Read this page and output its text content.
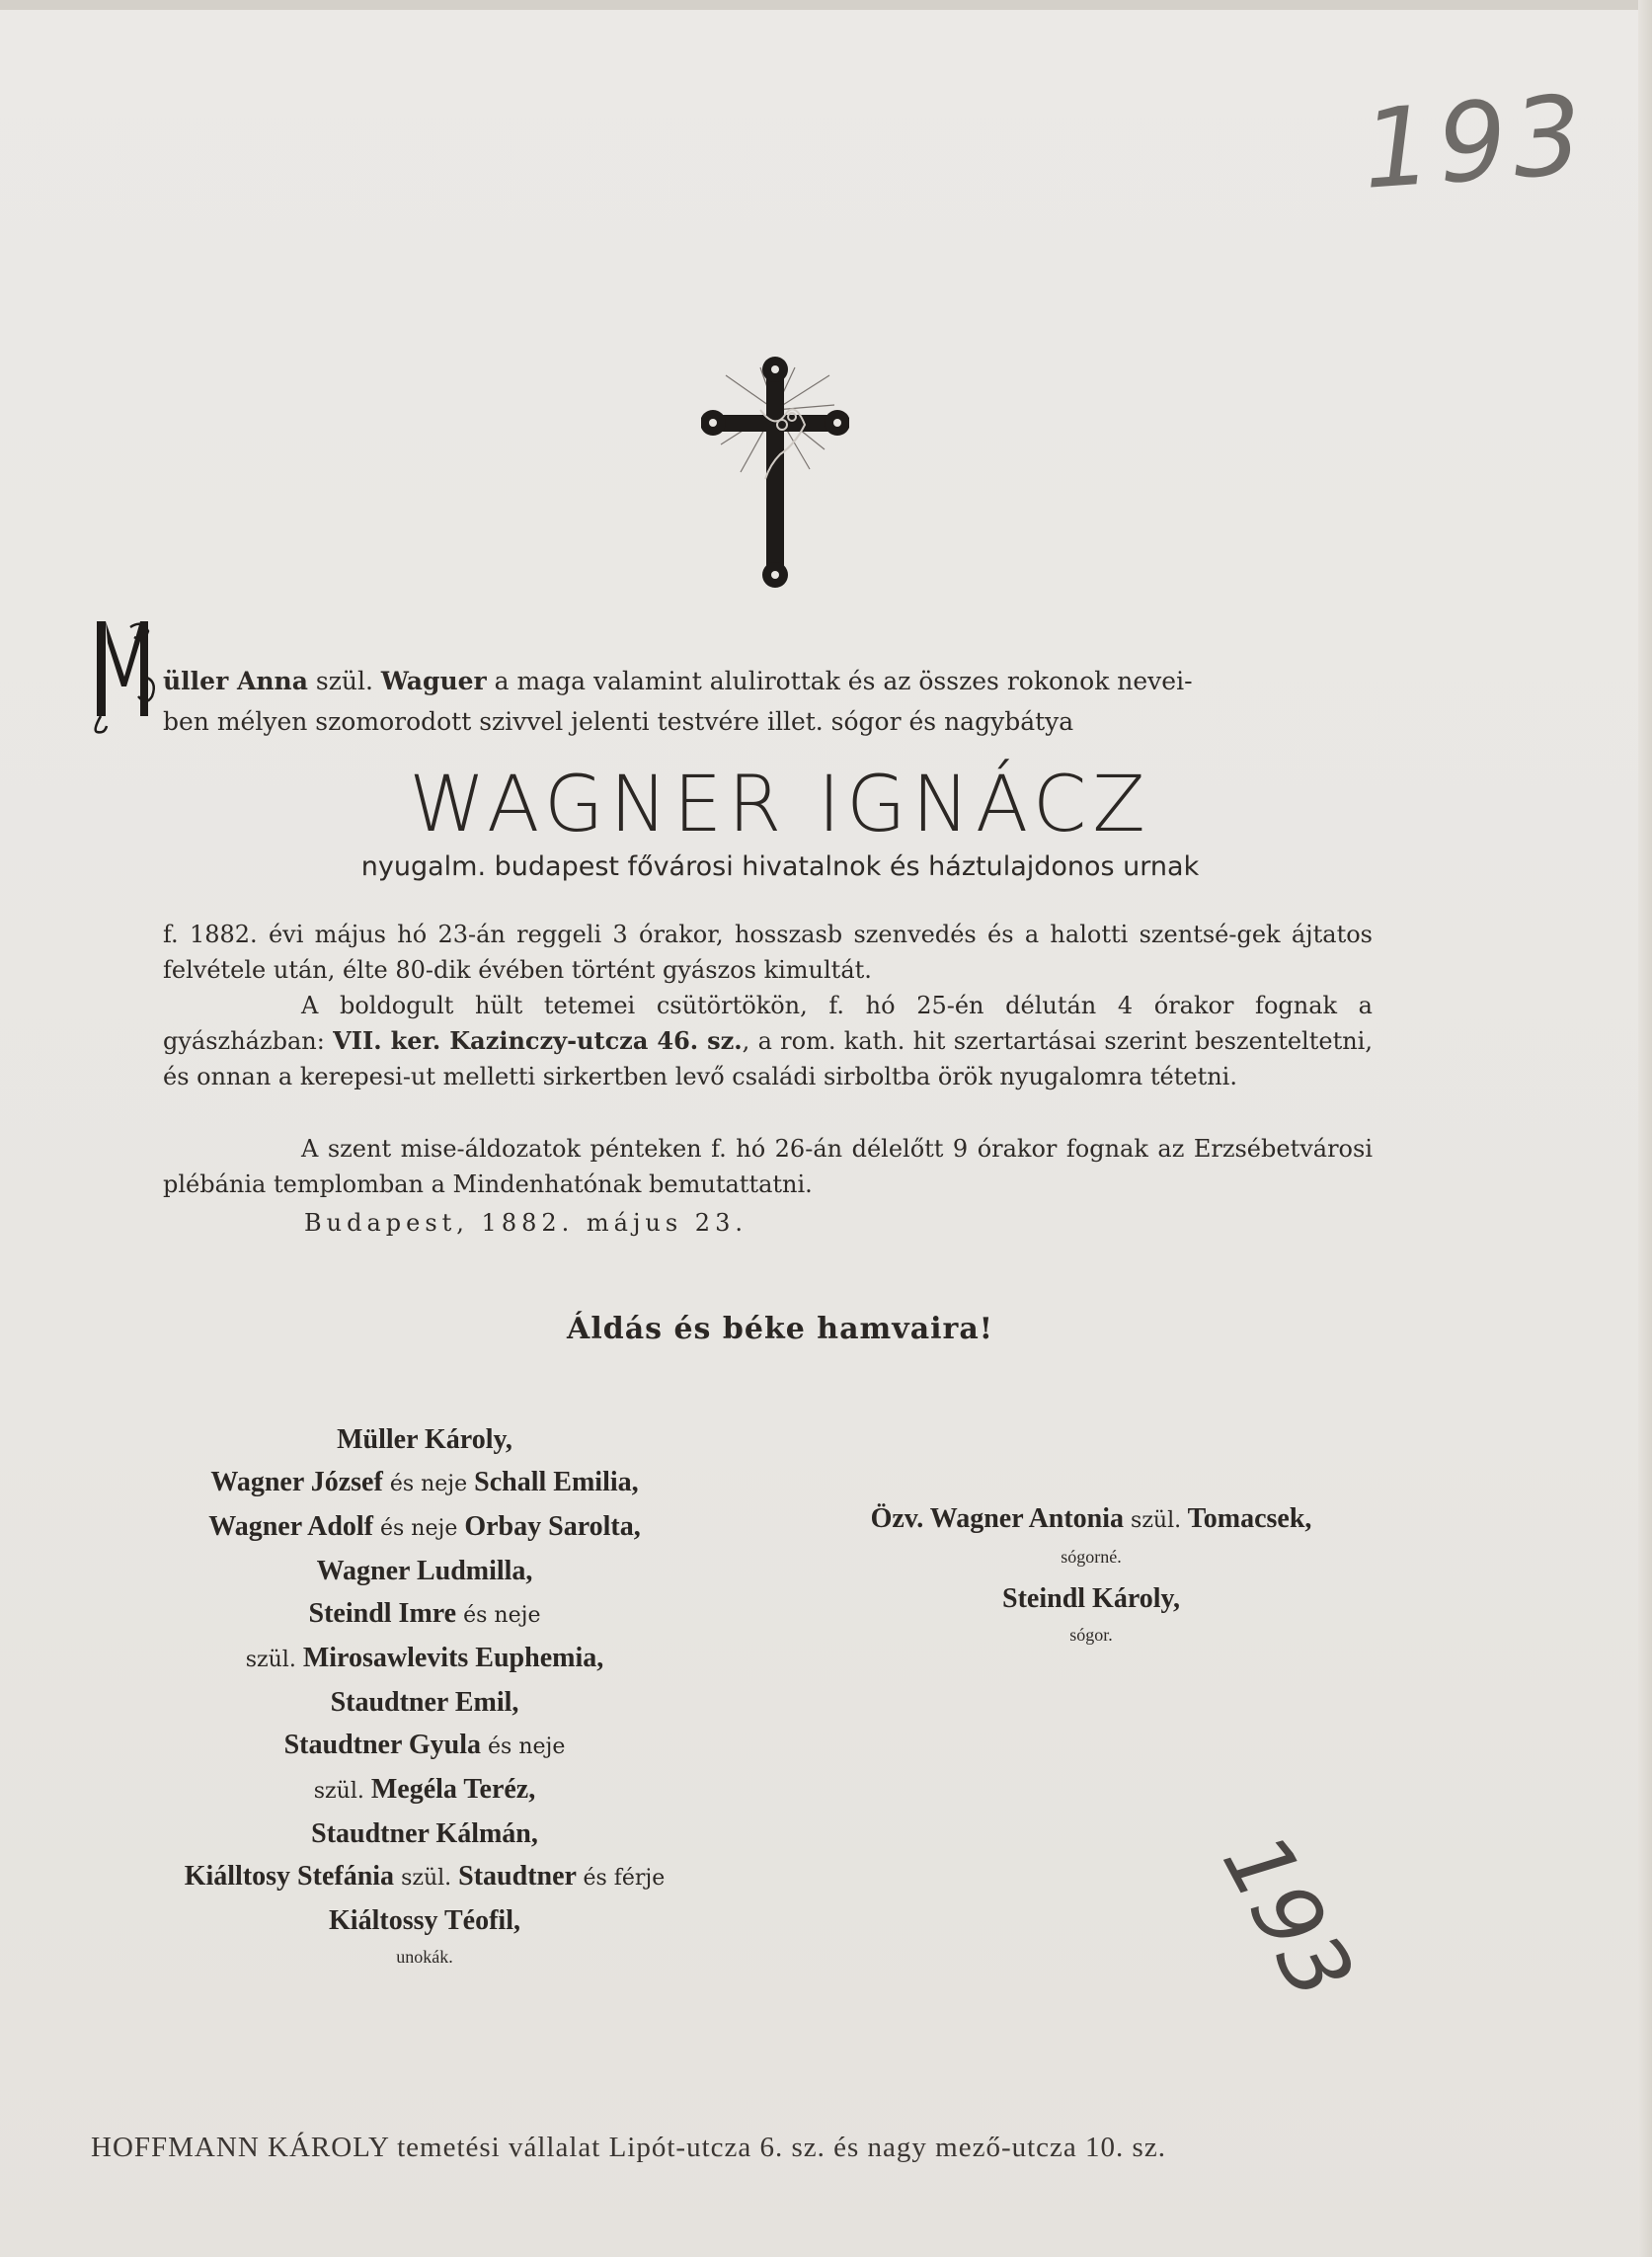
193
193
üller Anna szül. Waguer a maga valamint alulirottak és az összes rokonok nevei-
ben mélyen szomorodott szivvel jelenti testvére illet. sógor és nagybátya
WAGNER IGNÁCZ
nyugalm. budapest fővárosi hivatalnok és háztulajdonos urnak
f. 1882. évi május hó 23-án reggeli 3 órakor, hosszasb szenvedés és a halotti szentsé-gek ájtatos felvétele után, élte 80-dik évében történt gyászos kimultát.
A boldogult hült tetemei csütörtökön, f. hó 25-én délután 4 órakor fognak a gyászházban: VII. ker. Kazinczy-utcza 46. sz., a rom. kath. hit szertartásai szerint beszenteltetni, és onnan a kerepesi-ut melletti sirkertben levő családi sirboltba örök nyugalomra tétetni.
A szent mise-áldozatok pénteken f. hó 26-án délelőtt 9 órakor fognak az Erzsébetvárosi plébánia templomban a Mindenhatónak bemutattatni.
Budapest, 1882. május 23.
Áldás és béke hamvaira!
Müller Károly,
Wagner József és neje Schall Emilia,
Wagner Adolf és neje Orbay Sarolta,
Wagner Ludmilla,
Steindl Imre és neje
szül. Mirosawlevits Euphemia,
Staudtner Emil,
Staudtner Gyula és neje
szül. Megéla Teréz,
Staudtner Kálmán,
Kiálltosy Stefánia szül. Staudtner és férje
Kiáltossy Téofil,
unokák.
Özv. Wagner Antonia szül. Tomacsek,
sógorné.
Steindl Károly,
sógor.
HOFFMANN KÁROLY temetési vállalat Lipót-utcza 6. sz. és nagy mező-utcza 10. sz.
